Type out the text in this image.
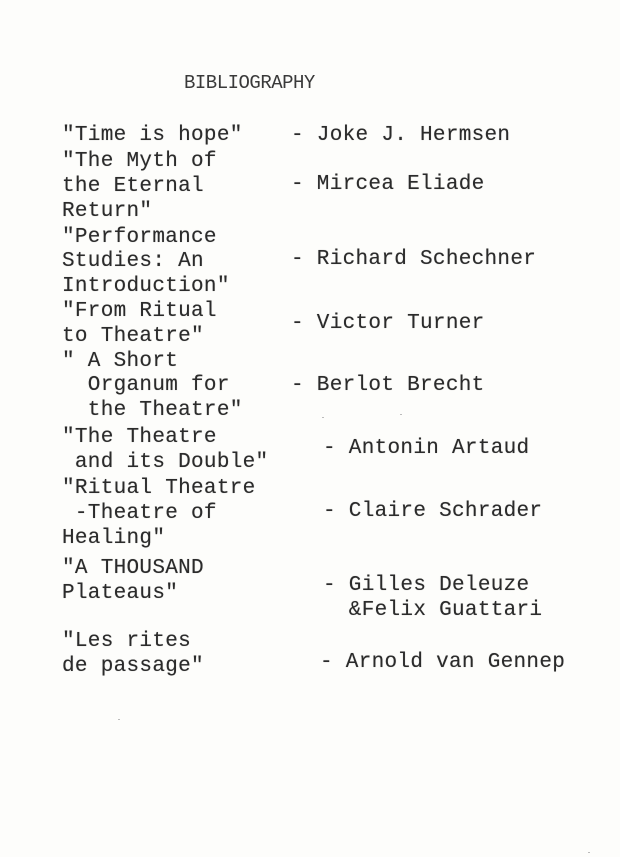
BIBLIOGRAPHY
"Time is hope" - Joke J. Hermsen
"The Myth of
the Eternal
Return"
- Mircea Eliade
"Performance
Studies: An
Introduction"
- Richard Schechner
"From Ritual
to Theatre"
- Victor Turner
" A Short
Organum for
the Theatre"
- Berlot Brecht
"The Theatre
and its Double"
- Antonin Artaud
"Ritual Theatre
-Theatre of
Healing"
- Claire Schrader
"A THOUSAND
Plateaus"	- Gilles Deleuze
&Felix Guattari
"Les rites
de passage"	- Arnold van Gennep
